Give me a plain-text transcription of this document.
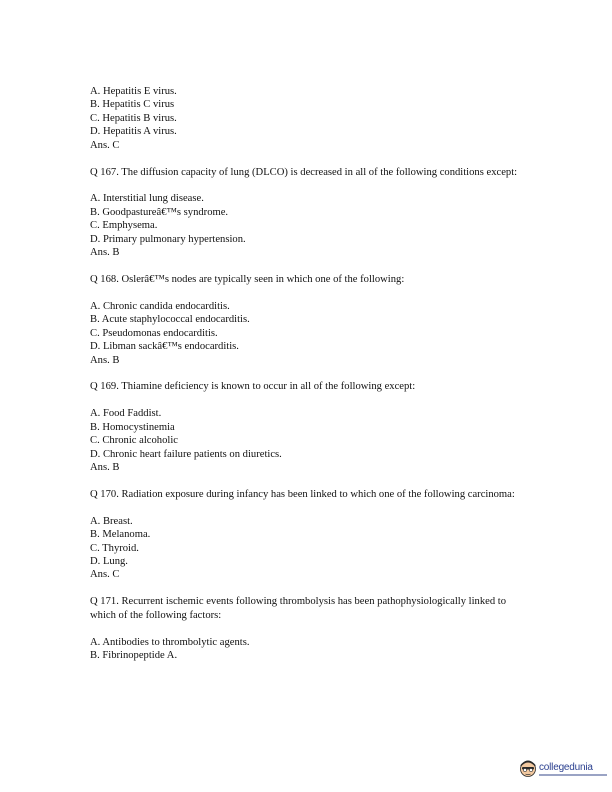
A. Hepatitis E virus.
B. Hepatitis C virus
C. Hepatitis B virus.
D. Hepatitis A virus.
Ans. C
Q 167. The diffusion capacity of lung (DLCO) is decreased in all of the following conditions except:
A. Interstitial lung disease.
B. Goodpastureâ€™s syndrome.
C. Emphysema.
D. Primary pulmonary hypertension.
Ans. B
Q 168. Oslerâ€™s nodes are typically seen in which one of the following:
A. Chronic candida endocarditis.
B. Acute staphylococcal endocarditis.
C. Pseudomonas endocarditis.
D. Libman sackâ€™s endocarditis.
Ans. B
Q 169. Thiamine deficiency is known to occur in all of the following except:
A. Food Faddist.
B. Homocystinemia
C. Chronic alcoholic
D. Chronic heart failure patients on diuretics.
Ans. B
Q 170. Radiation exposure during infancy has been linked to which one of the following carcinoma:
A. Breast.
B. Melanoma.
C. Thyroid.
D. Lung.
Ans. C
Q 171. Recurrent ischemic events following thrombolysis has been pathophysiologically linked to which of the following factors:
A. Antibodies to thrombolytic agents.
B. Fibrinopeptide A.
collegedunia
